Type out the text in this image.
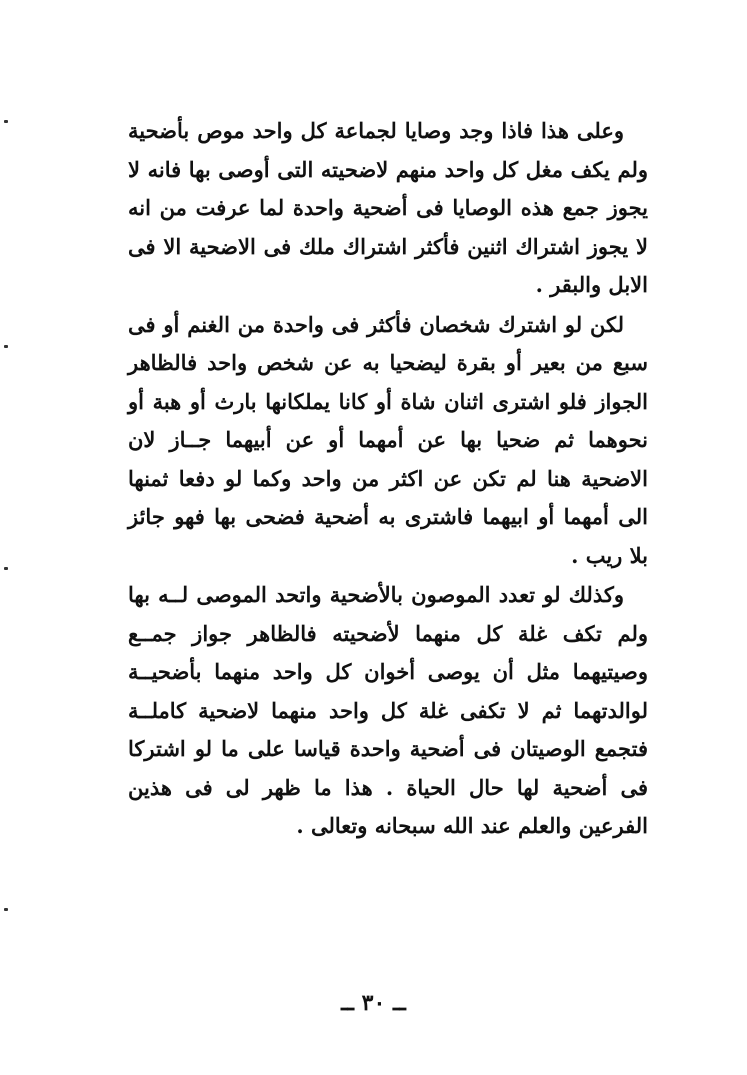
وعلى هذا فاذا وجد وصايا لجماعة كل واحد موص بأضحية ولم يكف مغل كل واحد منهم لاضحيته التى أوصى بها فانه لا يجوز جمع هذه الوصايا فى أضحية واحدة لما عرفت من انه لا يجوز اشتراك اثنين فأكثر اشتراك ملك فى الاضحية الا فى الابل والبقر .

لكن لو اشترك شخصان فأكثر فى واحدة من الغنم أو فى سبع من بعير أو بقرة ليضحيا به عن شخص واحد فالظاهر الجواز فلو اشترى اثنان شاة أو كانا يملكانها بارث أو هبة أو نحوهما ثم ضحيا بها عن أمهما أو عن أبيهما جــاز لان الاضحية هنا لم تكن عن اكثر من واحد وكما لو دفعا ثمنها الى أمهما أو ابيهما فاشترى به أضحية فضحى بها فهو جائز بلا ريب .

وكذلك لو تعدد الموصون بالأضحية واتحد الموصى لــه بها ولم تكف غلة كل منهما لأضحيته فالظاهر جواز جمــع وصيتيهما مثل أن يوصى أخوان كل واحد منهما بأضحيــة لوالدتهما ثم لا تكفى غلة كل واحد منهما لاضحية كاملــة فتجمع الوصيتان فى أضحية واحدة قياسا على ما لو اشتركا فى أضحية لها حال الحياة . هذا ما ظهر لى فى هذين الفرعين والعلم عند الله سبحانه وتعالى .

ــ ٣٠ ــ
